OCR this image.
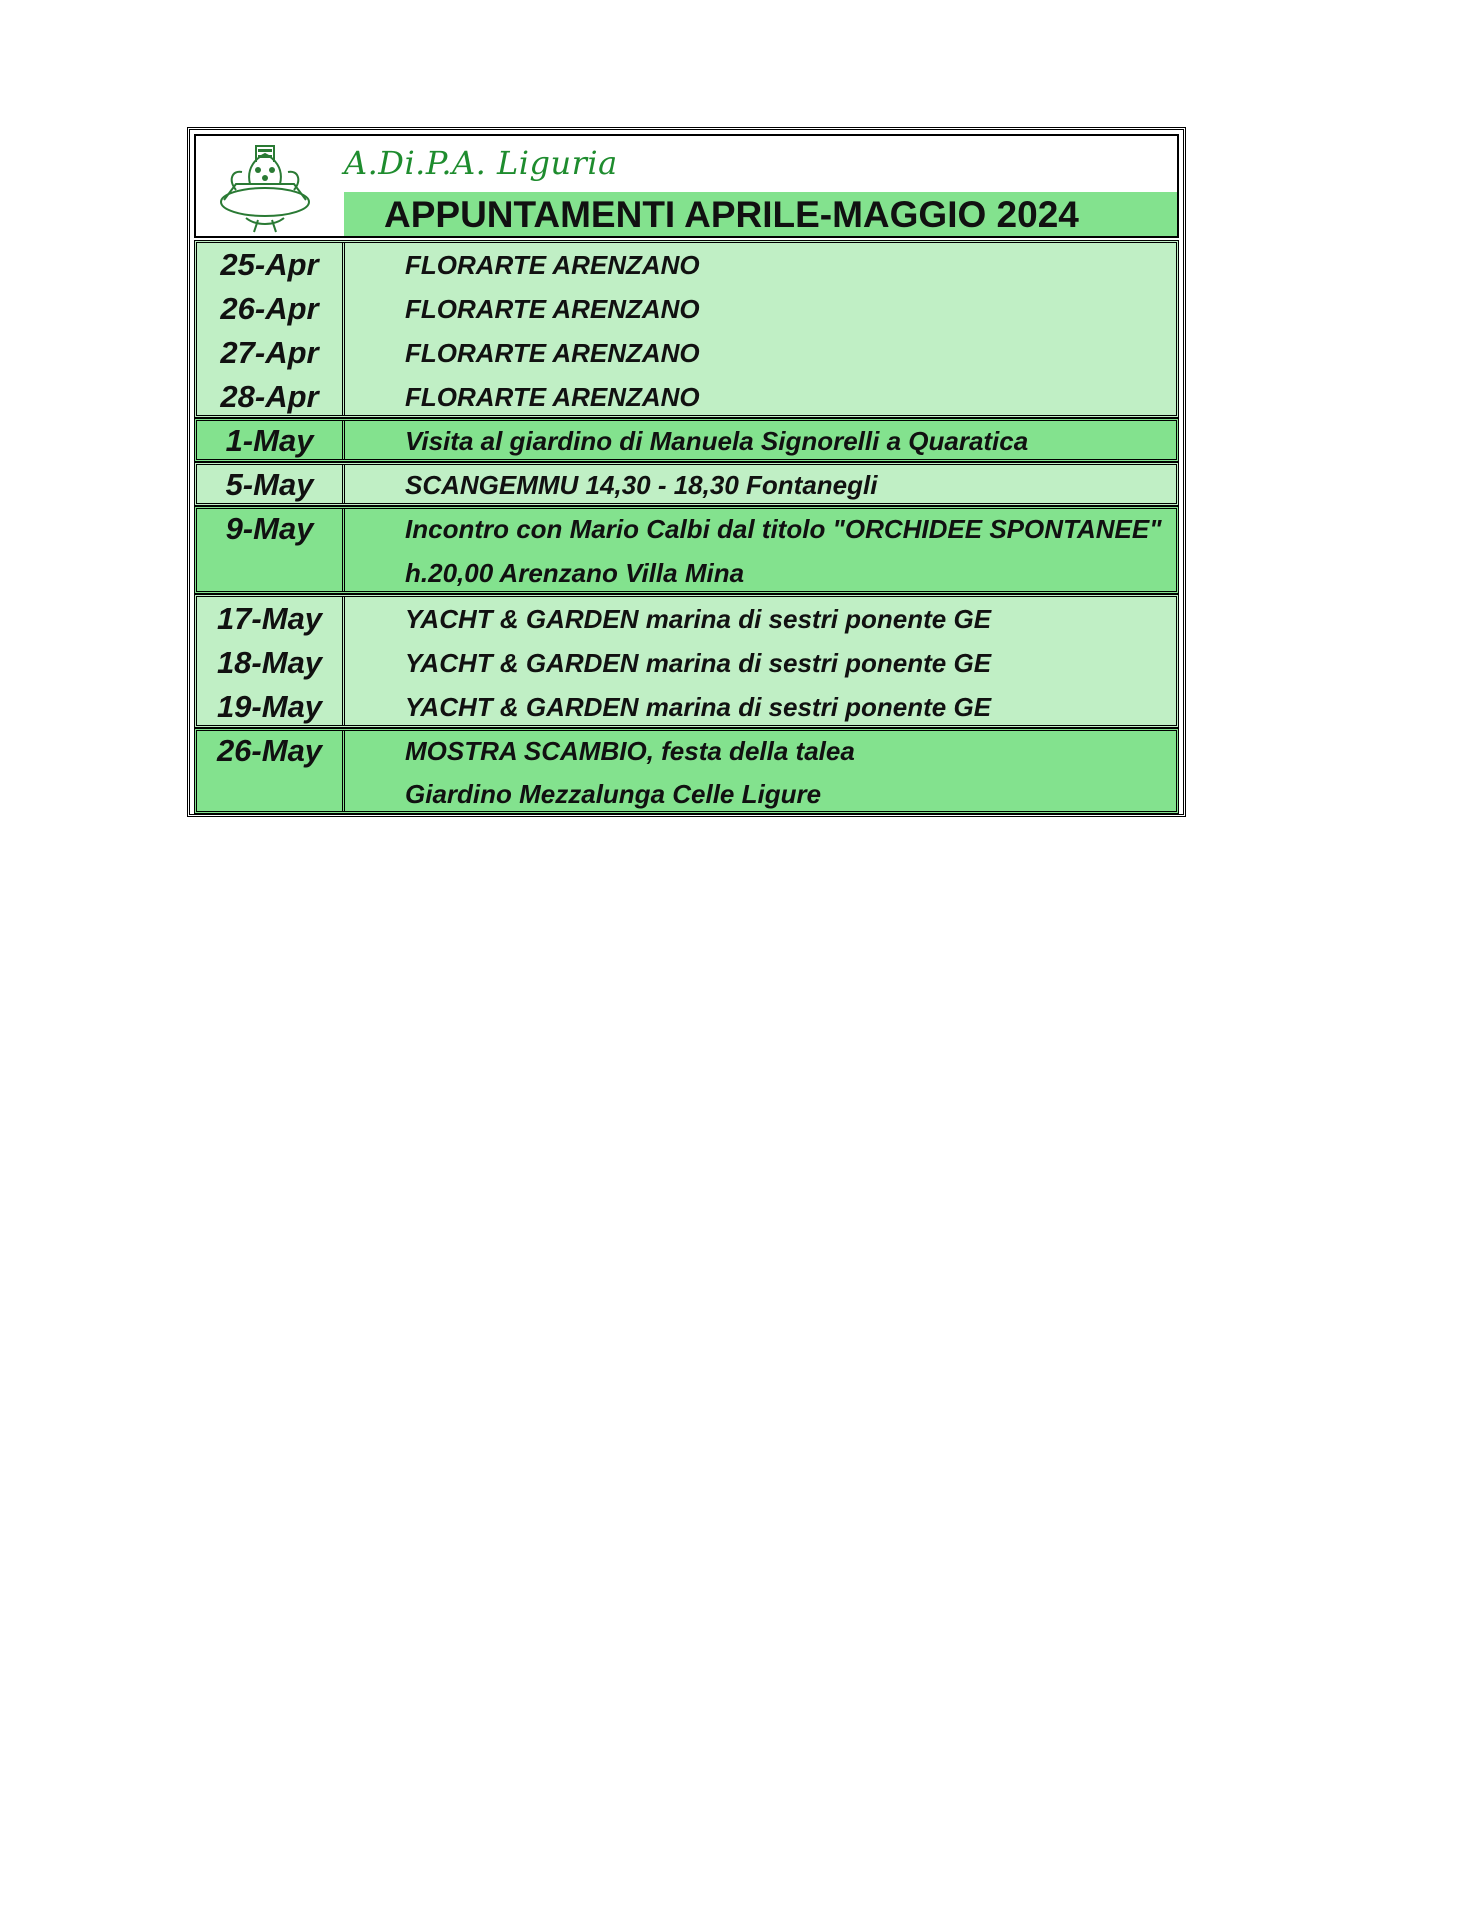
A.Di.P.A. Liguria
APPUNTAMENTI APRILE-MAGGIO 2024
25-Apr	FLORARTE ARENZANO
26-Apr	FLORARTE ARENZANO
27-Apr	FLORARTE ARENZANO
28-Apr	FLORARTE ARENZANO
1-May	Visita al giardino di Manuela Signorelli a Quaratica
5-May	SCANGEMMU 14,30 - 18,30 Fontanegli
9-May	Incontro con Mario Calbi dal titolo "ORCHIDEE SPONTANEE"
h.20,00 Arenzano Villa Mina
17-May	YACHT & GARDEN marina di sestri ponente GE
18-May	YACHT & GARDEN marina di sestri ponente GE
19-May	YACHT & GARDEN marina di sestri ponente GE
26-May	MOSTRA SCAMBIO, festa della talea
Giardino Mezzalunga Celle Ligure
